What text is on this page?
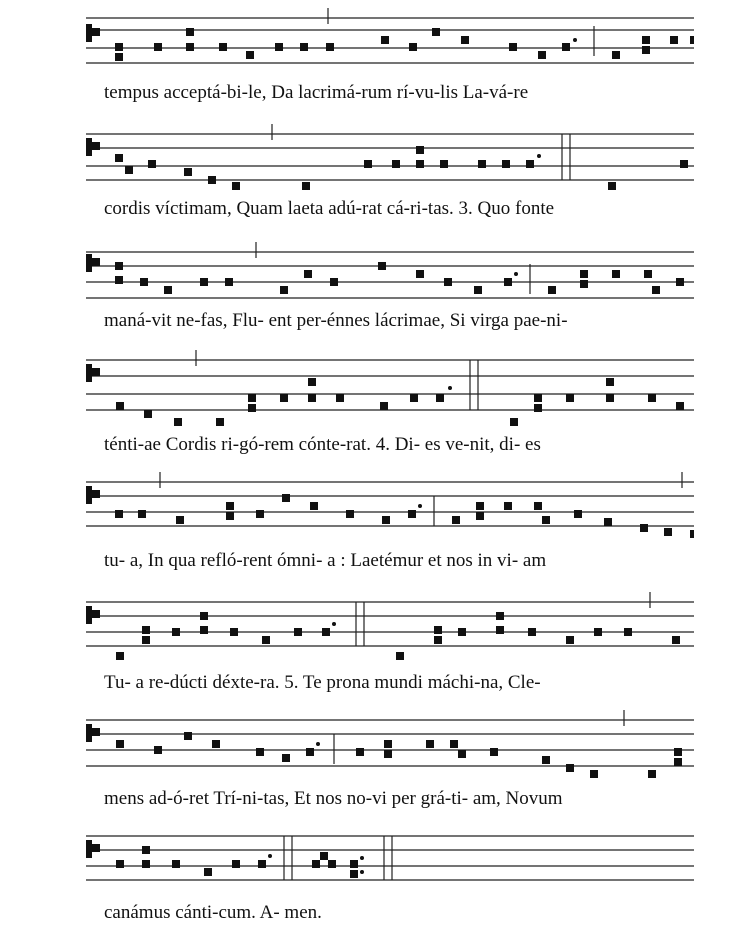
tempus acceptá-bi-le, Da lacrimá-rum rí-vu-lis La-vá-re
cordis víctimam, Quam laeta adú-rat cá-ri-tas. 3. Quo fonte
maná-vit ne-fas, Flu- ent per-énnes lácrimae, Si virga pae-ni-
ténti-ae Cordis ri-gó-rem cónte-rat. 4. Di- es ve-nit, di- es
tu- a, In qua refló-rent ómni- a : Laetémur et nos in vi- am
Tu- a re-dúcti déxte-ra. 5. Te prona mundi máchi-na, Cle-
mens ad-ó-ret Trí-ni-tas, Et nos no-vi per grá-ti- am, Novum
canámus cánti-cum. A- men.
